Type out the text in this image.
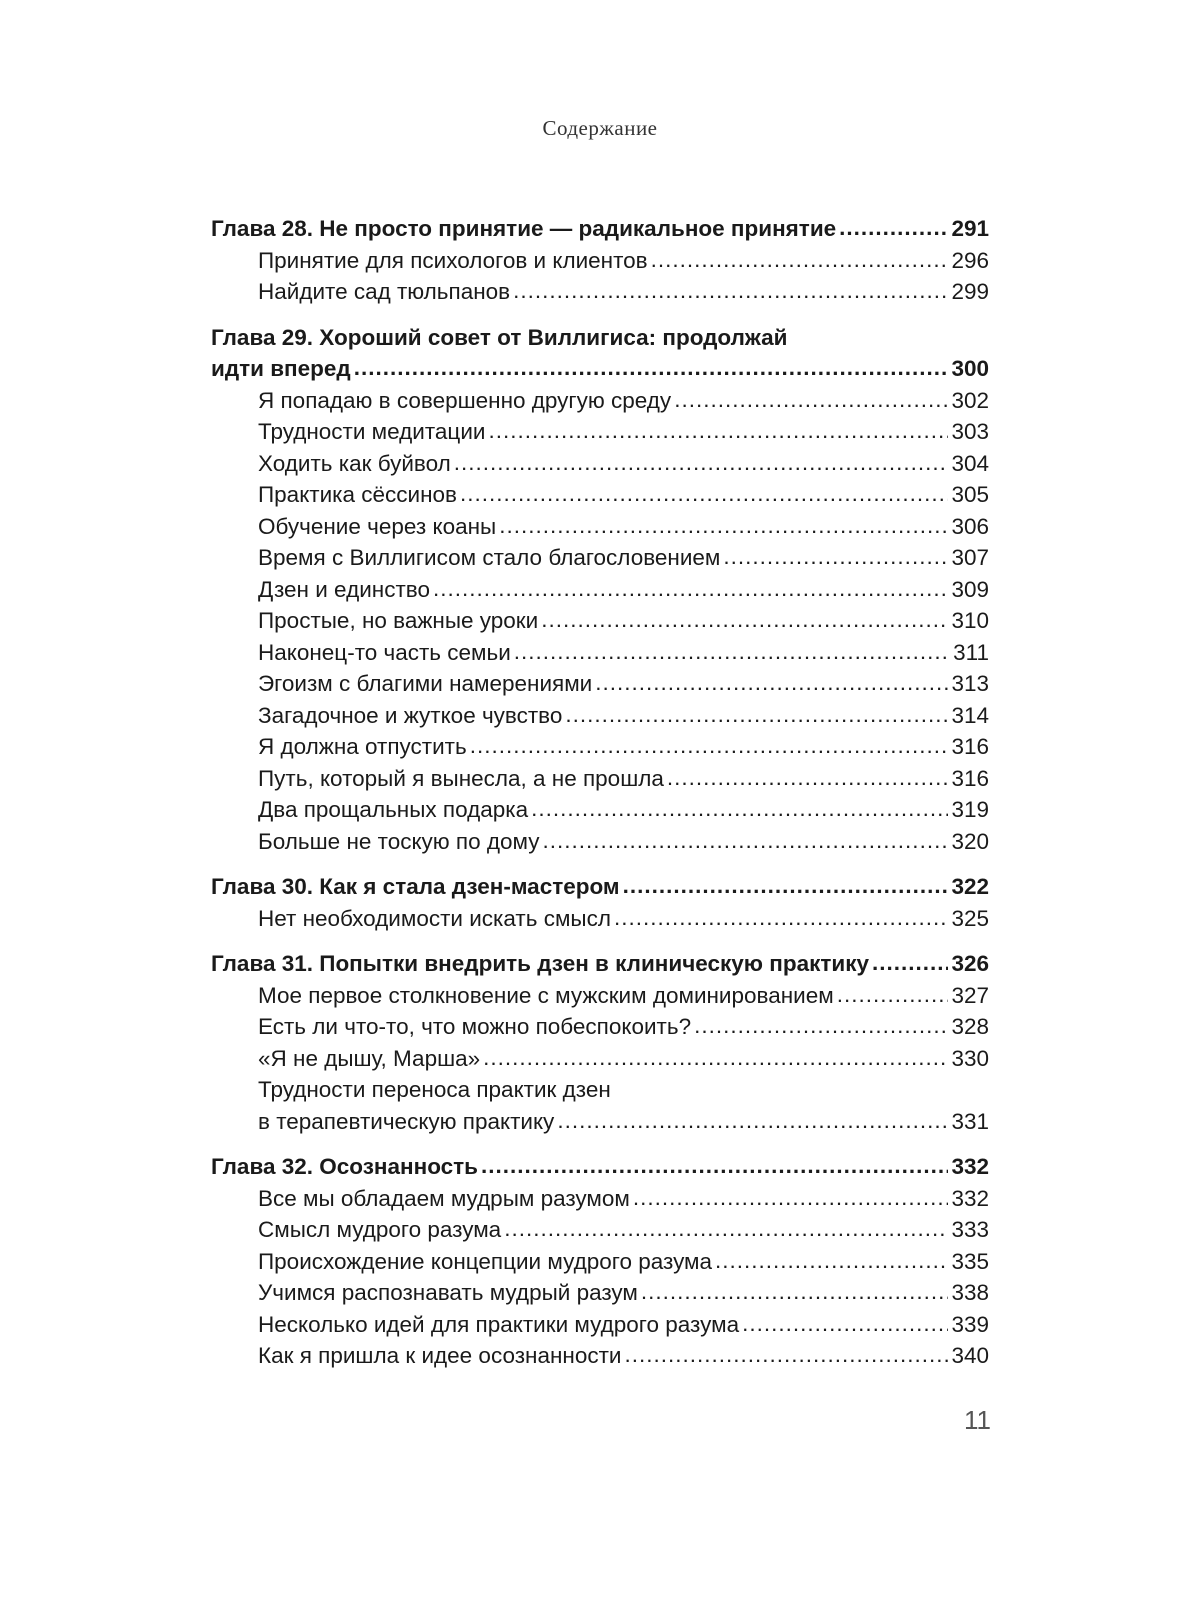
Содержание
Глава 28. Не просто принятие — радикальное принятие .....	291
Принятие для психологов и клиентов .....	296
Найдите сад тюльпанов .....	299
Глава 29. Хороший совет от Виллигиса: продолжай
идти вперед .....	300
Я попадаю в совершенно другую среду .....	302
Трудности медитации .....	303
Ходить как буйвол .....	304
Практика сёссинов .....	305
Обучение через коаны .....	306
Время с Виллигисом стало благословением .....	307
Дзен и единство .....	309
Простые, но важные уроки .....	310
Наконец-то часть семьи .....	311
Эгоизм с благими намерениями .....	313
Загадочное и жуткое чувство .....	314
Я должна отпустить .....	316
Путь, который я вынесла, а не прошла .....	316
Два прощальных подарка .....	319
Больше не тоскую по дому .....	320
Глава 30. Как я стала дзен-мастером .....	322
Нет необходимости искать смысл .....	325
Глава 31. Попытки внедрить дзен в клиническую практику .....	326
Мое первое столкновение с мужским доминированием .....	327
Есть ли что-то, что можно побеспокоить? .....	328
«Я не дышу, Марша» .....	330
Трудности переноса практик дзен
в терапевтическую практику .....	331
Глава 32. Осознанность .....	332
Все мы обладаем мудрым разумом .....	332
Смысл мудрого разума .....	333
Происхождение концепции мудрого разума .....	335
Учимся распознавать мудрый разум .....	338
Несколько идей для практики мудрого разума .....	339
Как я пришла к идее осознанности .....	340
11
